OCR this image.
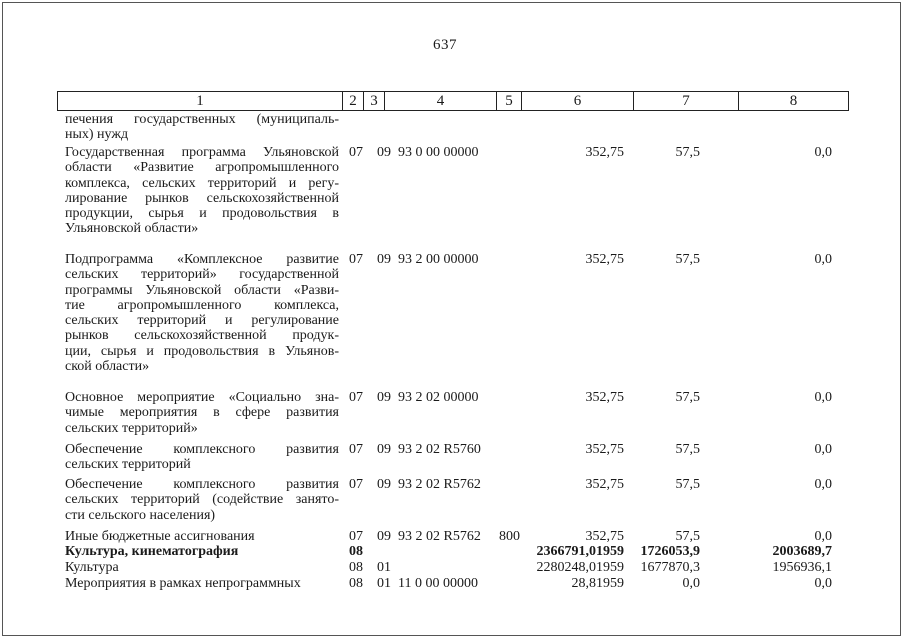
637
1	2 3	4	5	6	7	8
печения государственных (муниципаль-
ных) нужд
Государственная программа Ульяновской
области «Развитие агропромышленного
комплекса, сельских территорий и регу-
лирование рынков сельскохозяйственной
продукции, сырья и продовольствия в
Ульяновской области»
07 09 93 0 00 00000	352,75	57,5	0,0
Подпрограмма «Комплексное развитие
сельских территорий» государственной
программы Ульяновской области «Разви-
тие агропромышленного комплекса,
сельских территорий и регулирование
рынков сельскохозяйственной продук-
ции, сырья и продовольствия в Ульянов-
ской области»
07 09 93 2 00 00000	352,75	57,5	0,0
Основное мероприятие «Социально зна-
чимые мероприятия в сфере развития
сельских территорий»
07 09 93 2 02 00000	352,75	57,5	0,0
Обеспечение комплексного развития
сельских территорий
07 09 93 2 02 R5760	352,75	57,5	0,0
Обеспечение комплексного развития
сельских территорий (содействие занято-
сти сельского населения)
07 09 93 2 02 R5762	352,75	57,5	0,0
Иные бюджетные ассигнования	07 09 93 2 02 R5762 800	352,75	57,5	0,0
Культура, кинематография	08	2366791,01959	1726053,9	2003689,7
Культура	08 01	2280248,01959	1677870,3	1956936,1
Мероприятия в рамках непрограммных	08 01 11 0 00 00000	28,81959	0,0	0,0
